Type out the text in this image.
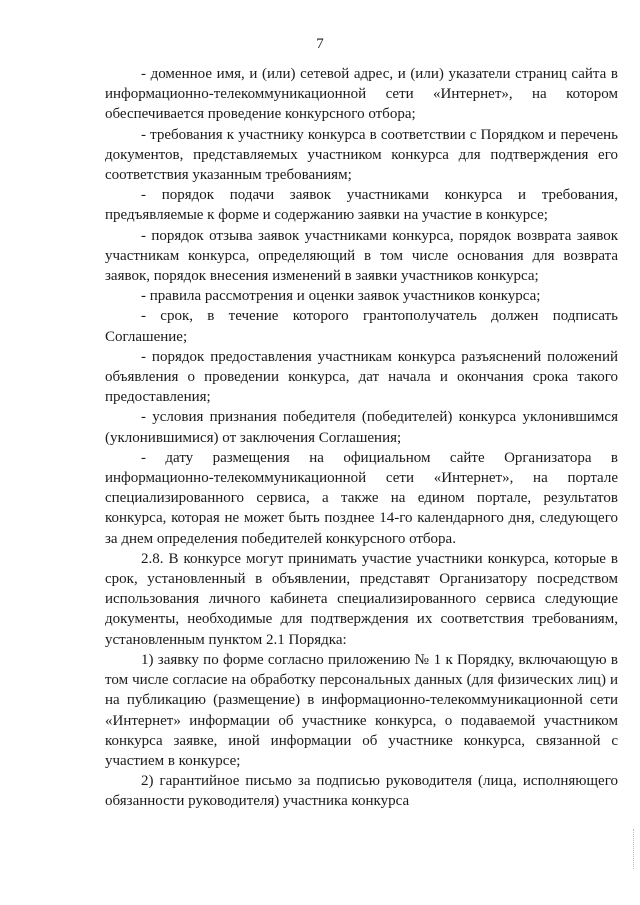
7

- доменное имя, и (или) сетевой адрес, и (или) указатели страниц сайта в информационно-телекоммуникационной сети «Интернет», на котором обеспечивается проведение конкурсного отбора;

- требования к участнику конкурса в соответствии с Порядком и перечень документов, представляемых участником конкурса для подтверждения его соответствия указанным требованиям;

- порядок подачи заявок участниками конкурса и требования, предъявляемые к форме и содержанию заявки на участие в конкурсе;

- порядок отзыва заявок участниками конкурса, порядок возврата заявок участникам конкурса, определяющий в том числе основания для возврата заявок, порядок внесения изменений в заявки участников конкурса;

- правила рассмотрения и оценки заявок участников конкурса;

- срок, в течение которого грантополучатель должен подписать Соглашение;

- порядок предоставления участникам конкурса разъяснений положений объявления о проведении конкурса, дат начала и окончания срока такого предоставления;

- условия признания победителя (победителей) конкурса уклонившимся (уклонившимися) от заключения Соглашения;

- дату размещения на официальном сайте Организатора в информационно-телекоммуникационной сети «Интернет», на портале специализированного сервиса, а также на едином портале, результатов конкурса, которая не может быть позднее 14-го календарного дня, следующего за днем определения победителей конкурсного отбора.

2.8. В конкурсе могут принимать участие участники конкурса, которые в срок, установленный в объявлении, представят Организатору посредством использования личного кабинета специализированного сервиса следующие документы, необходимые для подтверждения их соответствия требованиям, установленным пунктом 2.1 Порядка:

1) заявку по форме согласно приложению № 1 к Порядку, включающую в том числе согласие на обработку персональных данных (для физических лиц) и на публикацию (размещение) в информационно-телекоммуникационной сети «Интернет» информации об участнике конкурса, о подаваемой участником конкурса заявке, иной информации об участнике конкурса, связанной с участием в конкурсе;

2) гарантийное письмо за подписью руководителя (лица, исполняющего обязанности руководителя) участника конкурса
